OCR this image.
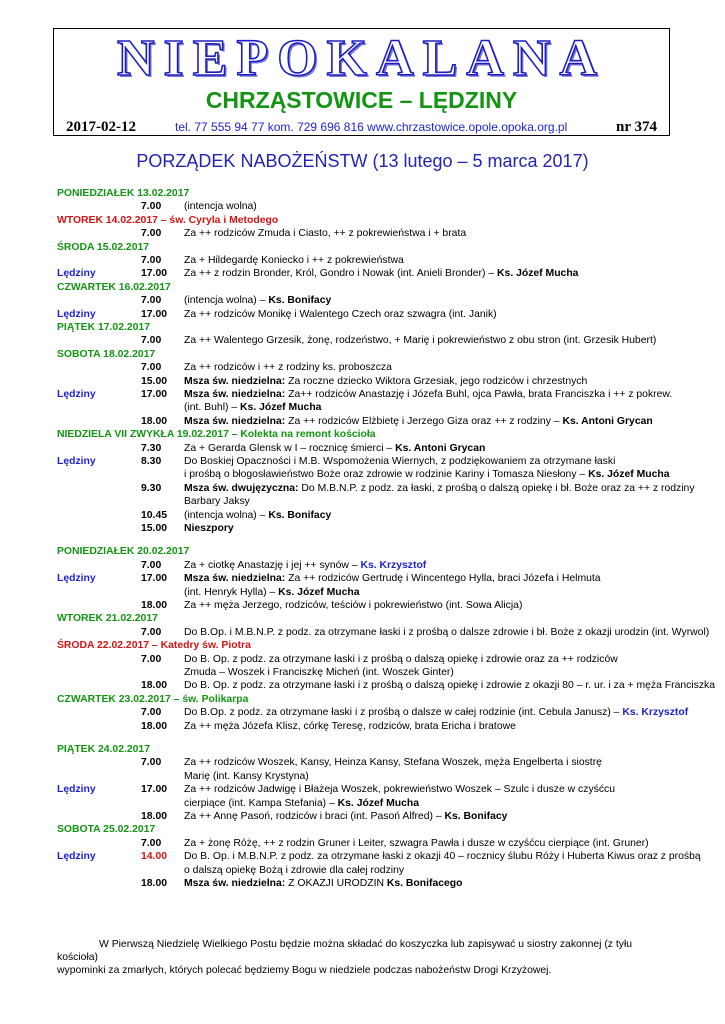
NIEPOKALANA
CHRZĄSTOWICE – LĘDZINY
2017-02-12	tel. 77 555 94 77 kom. 729 696 816 www.chrzastowice.opole.opoka.org.pl	nr 374
PORZĄDEK NABOŻEŃSTW (13 lutego – 5 marca 2017)
PONIEDZIAŁEK 13.02.2017
7.00 (intencja wolna)
WTOREK 14.02.2017 – św. Cyryla i Metodego
7.00 Za ++ rodziców Zmuda i Ciasto, ++ z pokrewieństwa i + brata
ŚRODA 15.02.2017
7.00 Za + Hildegardę Koniecko i ++ z pokrewieństwa
Lędziny	17.00 Za ++ z rodzin Bronder, Król, Gondro i Nowak (int. Anieli Bronder) – Ks. Józef Mucha
CZWARTEK 16.02.2017
7.00 (intencja wolna) – Ks. Bonifacy
Lędziny	17.00 Za ++ rodziców Monikę i Walentego Czech oraz szwagra (int. Janik)
PIĄTEK 17.02.2017
7.00 Za ++ Walentego Grzesik, żonę, rodzeństwo, + Marię i pokrewieństwo z obu stron (int. Grzesik Hubert)
SOBOTA 18.02.2017
7.00 Za ++ rodziców i ++ z rodziny ks. proboszcza
15.00 Msza św. niedzielna: Za roczne dziecko Wiktora Grzesiak, jego rodziców i chrzestnych
Lędziny	17.00 Msza św. niedzielna: Za++ rodziców Anastazję i Józefa Buhl, ojca Pawła, brata Franciszka i ++ z pokrew.
(int. Buhl) – Ks. Józef Mucha
18.00 Msza św. niedzielna: Za ++ rodziców Elżbietę i Jerzego Giza oraz ++ z rodziny – Ks. Antoni Grycan
NIEDZIELA VII ZWYKŁA 19.02.2017 – Kolekta na remont kościoła
7.30 Za + Gerarda Glensk w I – rocznicę śmierci – Ks. Antoni Grycan
Lędziny	8.30 Do Boskiej Opaczności i M.B. Wspomożenia Wiernych, z podziękowaniem za otrzymane łaski
i prośbą o błogosławieństwo Boże oraz zdrowie w rodzinie Kariny i Tomasza Niesłony – Ks. Józef Mucha
9.30 Msza św. dwujęzyczna: Do M.B.N.P. z podz. za łaski, z prośbą o dalszą opiekę i bł. Boże oraz za ++ z rodziny
Barbary Jaksy
10.45 (intencja wolna) – Ks. Bonifacy
15.00 Nieszpory
PONIEDZIAŁEK 20.02.2017
7.00 Za + ciotkę Anastazję i jej ++ synów – Ks. Krzysztof
Lędziny	17.00 Msza św. niedzielna: Za ++ rodziców Gertrudę i Wincentego Hylla, braci Józefa i Helmuta
(int. Henryk Hylla) – Ks. Józef Mucha
18.00 Za ++ męża Jerzego, rodziców, teściów i pokrewieństwo (int. Sowa Alicja)
WTOREK 21.02.2017
7.00 Do B.Op. i M.B.N.P. z podz. za otrzymane łaski i z prośbą o dalsze zdrowie i bł. Boże z okazji urodzin (int. Wyrwol)
ŚRODA 22.02.2017 – Katedry św. Piotra
7.00 Do B. Op. z podz. za otrzymane łaski i z prośbą o dalszą opiekę i zdrowie oraz za ++ rodziców
Zmuda – Woszek i Franciszkę Micheń (int. Woszek Ginter)
18.00 Do B. Op. z podz. za otrzymane łaski i z prośbą o dalszą opiekę i zdrowie z okazji 80 – r. ur. i za + męża Franciszka
CZWARTEK 23.02.2017 – św. Polikarpa
7.00 Do B.Op. z podz. za otrzymane łaski i z prośbą o dalsze w całej rodzinie (int. Cebula Janusz) – Ks. Krzysztof
18.00 Za ++ męża Józefa Klisz, córkę Teresę, rodziców, brata Ericha i bratowe
PIĄTEK 24.02.2017
7.00 Za ++ rodziców Woszek, Kansy, Heinza Kansy, Stefana Woszek, męża Engelberta i siostrę
Marię (int. Kansy Krystyna)
Lędziny	17.00 Za ++ rodziców Jadwigę i Błażeja Woszek, pokrewieństwo Woszek – Szulc i dusze w czyśćcu
cierpiące (int. Kampa Stefania) – Ks. Józef Mucha
18.00 Za ++ Annę Pasoń, rodziców i braci (int. Pasoń Alfred) – Ks. Bonifacy
SOBOTA 25.02.2017
7.00 Za + żonę Różę, ++ z rodzin Gruner i Leiter, szwagra Pawła i dusze w czyśćcu cierpiące (int. Gruner)
Lędziny	14.00 Do B. Op. i M.B.N.P. z podz. za otrzymane łaski z okazji 40 – rocznicy ślubu Róży i Huberta Kiwus oraz z prośbą
o dalszą opiekę Bożą i zdrowie dla całej rodziny
18.00 Msza św. niedzielna: Z OKAZJI URODZIN Ks. Bonifacego
W Pierwszą Niedzielę Wielkiego Postu będzie można składać do koszyczka lub zapisywać u siostry zakonnej (z tyłu kościoła)
wypominki za zmarłych, których polecać będziemy Bogu w niedziele podczas nabożeństw Drogi Krzyżowej.
